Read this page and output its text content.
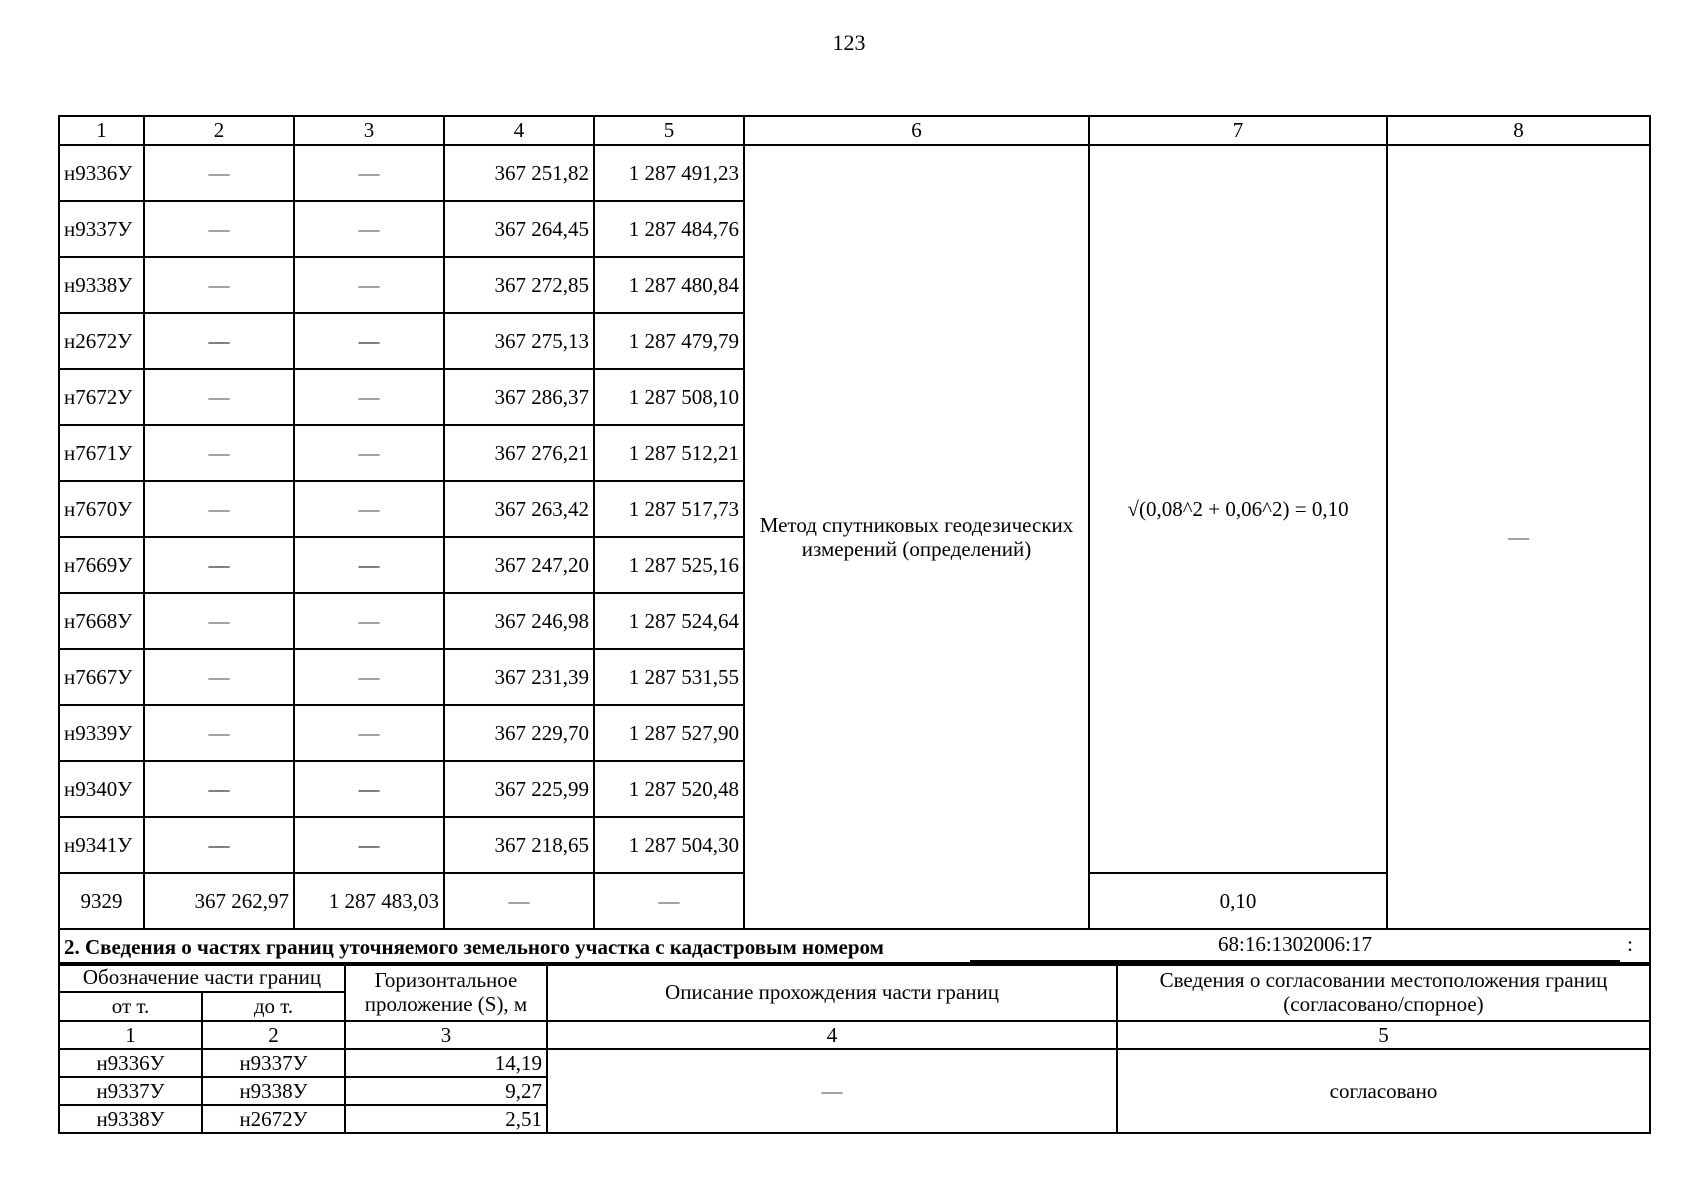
123
1	2	3	4	5	6	7	8
н9336У	—	—	367 251,82	1 287 491,23	Метод спутниковых геодезических измерений (определений)	√(0,08^2 + 0,06^2) = 0,10	—
н9337У	—	—	367 264,45	1 287 484,76			
н9338У	—	—	367 272,85	1 287 480,84			
н2672У	—	—	367 275,13	1 287 479,79			
н7672У	—	—	367 286,37	1 287 508,10			
н7671У	—	—	367 276,21	1 287 512,21			
н7670У	—	—	367 263,42	1 287 517,73			
н7669У	—	—	367 247,20	1 287 525,16			
н7668У	—	—	367 246,98	1 287 524,64			
н7667У	—	—	367 231,39	1 287 531,55			
н9339У	—	—	367 229,70	1 287 527,90			
н9340У	—	—	367 225,99	1 287 520,48			
н9341У	—	—	367 218,65	1 287 504,30			
9329	367 262,97	1 287 483,03	—	—		0,10	
2. Сведения о частях границ уточняемого земельного участка с кадастровым номером 68:16:1302006:17 :							
Обозначение части границ		Горизонтальное проложение (S), м	Описание прохождения части границ	Сведения о согласовании местоположения границ (согласовано/спорное)
от т.	до т.			
1	2	3	4	5
н9336У	н9337У	14,19	—	согласовано
н9337У	н9338У	9,27		
н9338У	н2672У	2,51		
